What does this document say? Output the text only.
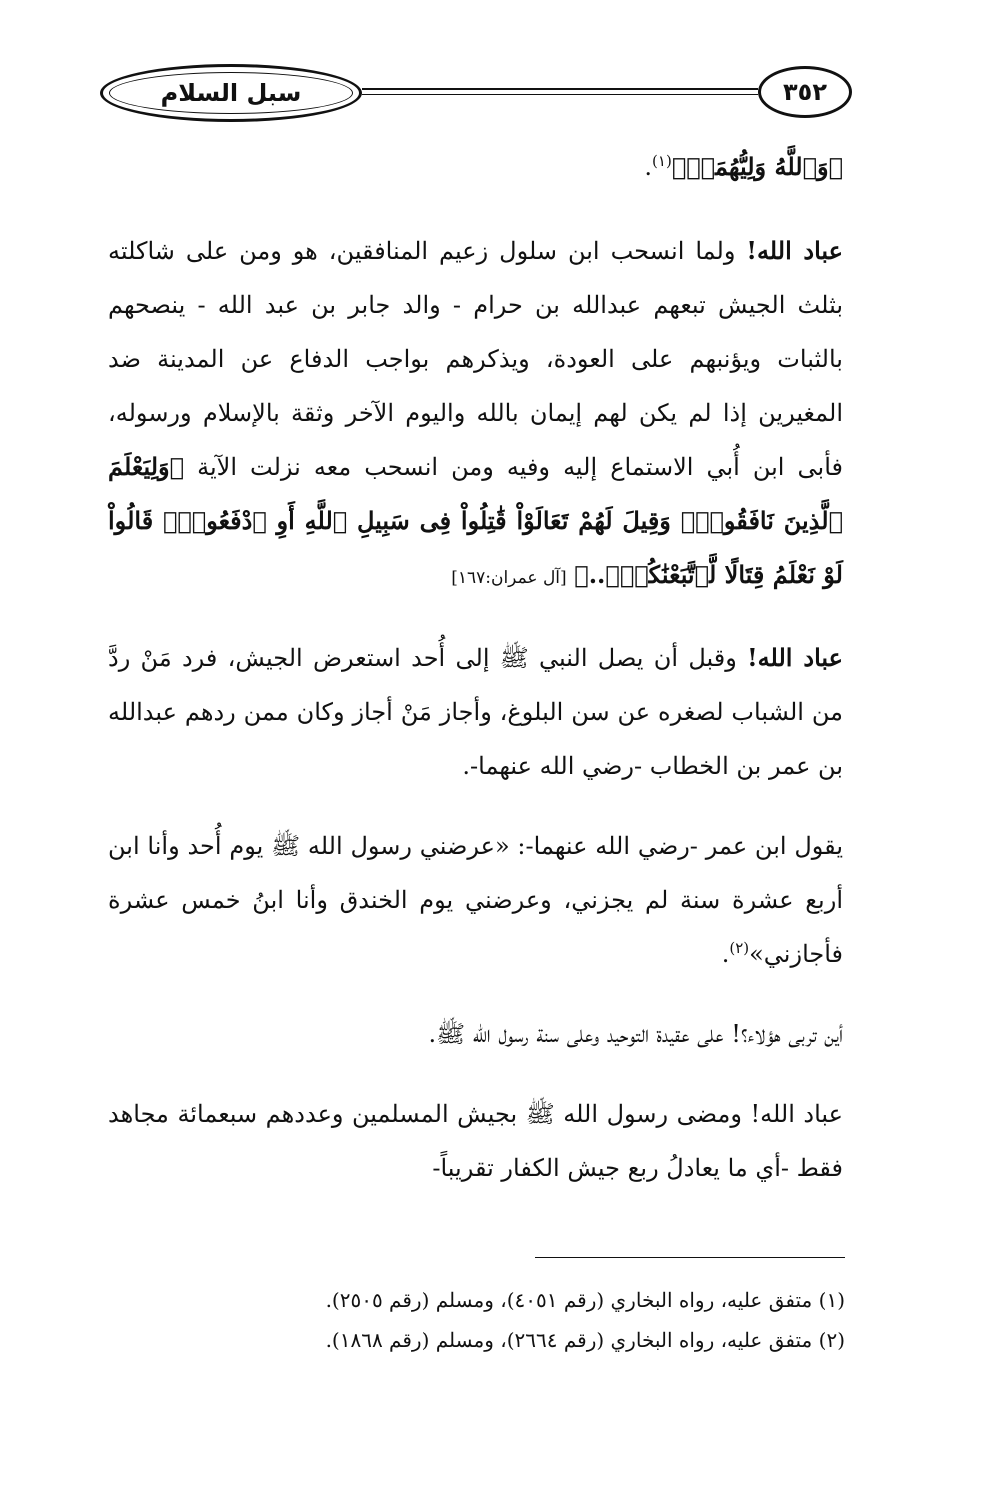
سبل السلام	٣٥٢

﴿وَٱللَّهُ وَلِيُّهُمَاۗ﴾$^{(١)}$.

عباد الله! ولما انسحب ابن سلول زعيم المنافقين، هو ومن على شاكلته بثلث الجيش تبعهم عبدالله بن حرام - والد جابر بن عبد الله - ينصحهم بالثبات ويؤنبهم على العودة، ويذكرهم بواجب الدفاع عن المدينة ضد المغيرين إذا لم يكن لهم إيمان بالله واليوم الآخر وثقة بالإسلام ورسوله، فأبى ابن أُبي الاستماع إليه وفيه ومن انسحب معه نزلت الآية ﴿وَلِيَعْلَمَ ٱلَّذِينَ نَافَقُواْۚ وَقِيلَ لَهُمْ تَعَالَوْاْ قَٰتِلُواْ فِى سَبِيلِ ٱللَّهِ أَوِ ٱدْفَعُواْۖ قَالُواْ لَوْ نَعْلَمُ قِتَالًا لَّٱتَّبَعْنَٰكُمْۗ..﴾ [آل عمران:١٦٧]

عباد الله! وقبل أن يصل النبي ﷺ إلى أُحد استعرض الجيش، فرد مَنْ ردَّ من الشباب لصغره عن سن البلوغ، وأجاز مَنْ أجاز وكان ممن ردهم عبدالله بن عمر بن الخطاب -رضي الله عنهما-.

يقول ابن عمر -رضي الله عنهما-: «عرضني رسول الله ﷺ يوم أُحد وأنا ابن أربع عشرة سنة لم يجزني، وعرضني يوم الخندق وأنا ابنُ خمس عشرة فأجازني»$^{(٢)}$.

أين تربى هؤلاء؟! على عقيدة التوحيد وعلى سنة رسول الله ﷺ.

عباد الله! ومضى رسول الله ﷺ بجيش المسلمين وعددهم سبعمائة مجاهد فقط -أي ما يعادلُ ربع جيش الكفار تقريباً-

(١) متفق عليه، رواه البخاري (رقم ٤٠٥١)، ومسلم (رقم ٢٥٠٥).

(٢) متفق عليه، رواه البخاري (رقم ٢٦٦٤)، ومسلم (رقم ١٨٦٨).
